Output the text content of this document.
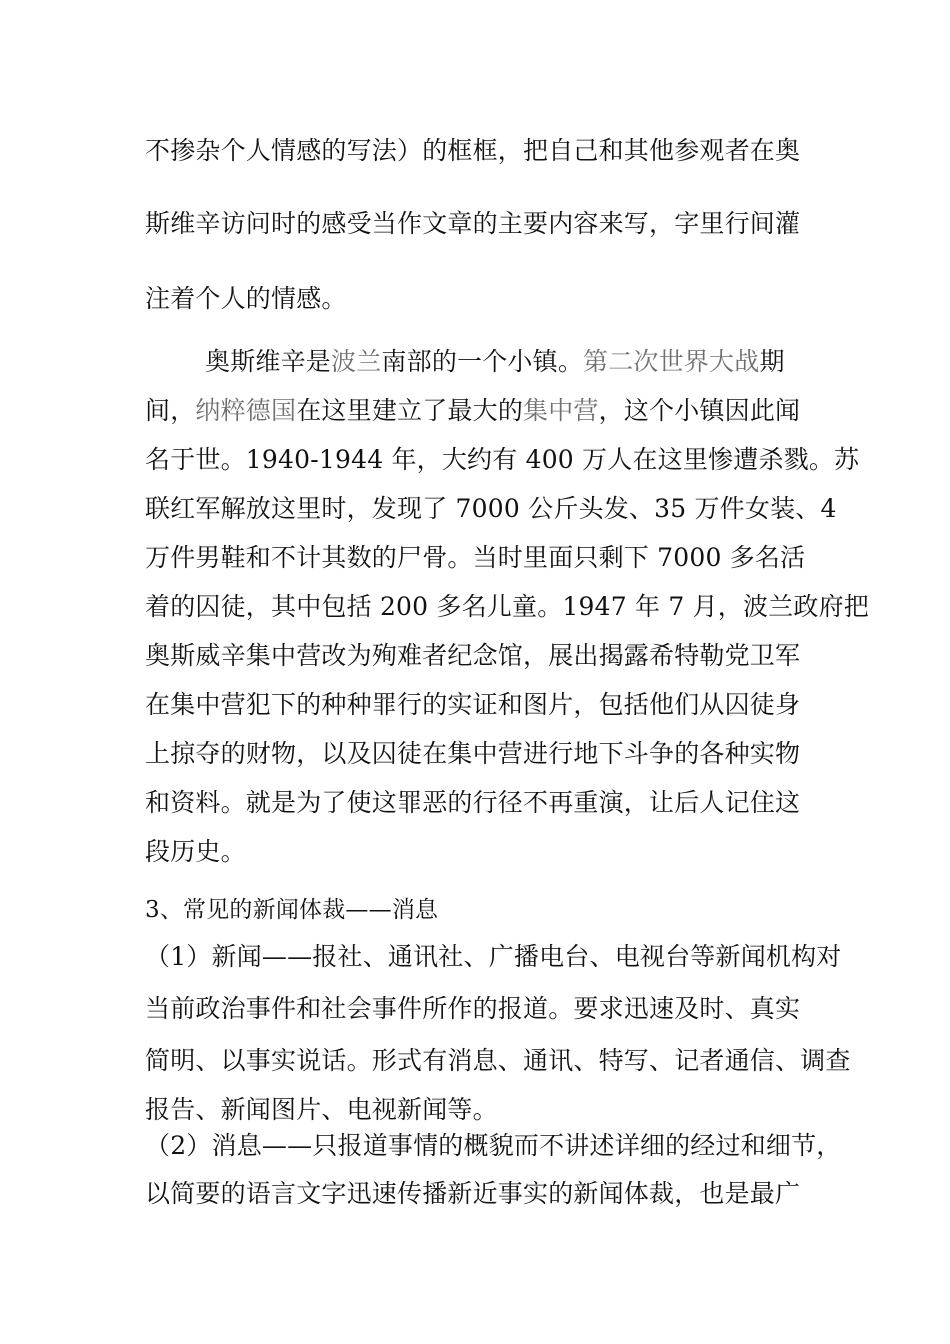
不掺杂个人情感的写法）的框框，把自己和其他参观者在奥
斯维辛访问时的感受当作文章的主要内容来写，字里行间灌
注着个人的情感。
奥斯维辛是波兰南部的一个小镇。第二次世界大战期
间，纳粹德国在这里建立了最大的集中营，这个小镇因此闻
名于世。1940-1944 年，大约有 400 万人在这里惨遭杀戮。苏
联红军解放这里时，发现了 7000 公斤头发、35 万件女装、4
万件男鞋和不计其数的尸骨。当时里面只剩下 7000 多名活
着的囚徒，其中包括 200 多名儿童。1947 年 7 月，波兰政府把
奥斯威辛集中营改为殉难者纪念馆，展出揭露希特勒党卫军
在集中营犯下的种种罪行的实证和图片，包括他们从囚徒身
上掠夺的财物，以及囚徒在集中营进行地下斗争的各种实物
和资料。就是为了使这罪恶的行径不再重演，让后人记住这
段历史。
3、常见的新闻体裁——消息
（1）新闻——报社、通讯社、广播电台、电视台等新闻机构对
当前政治事件和社会事件所作的报道。要求迅速及时、真实
简明、以事实说话。形式有消息、通讯、特写、记者通信、调查
报告、新闻图片、电视新闻等。
（2）消息——只报道事情的概貌而不讲述详细的经过和细节，
以简要的语言文字迅速传播新近事实的新闻体裁，也是最广
